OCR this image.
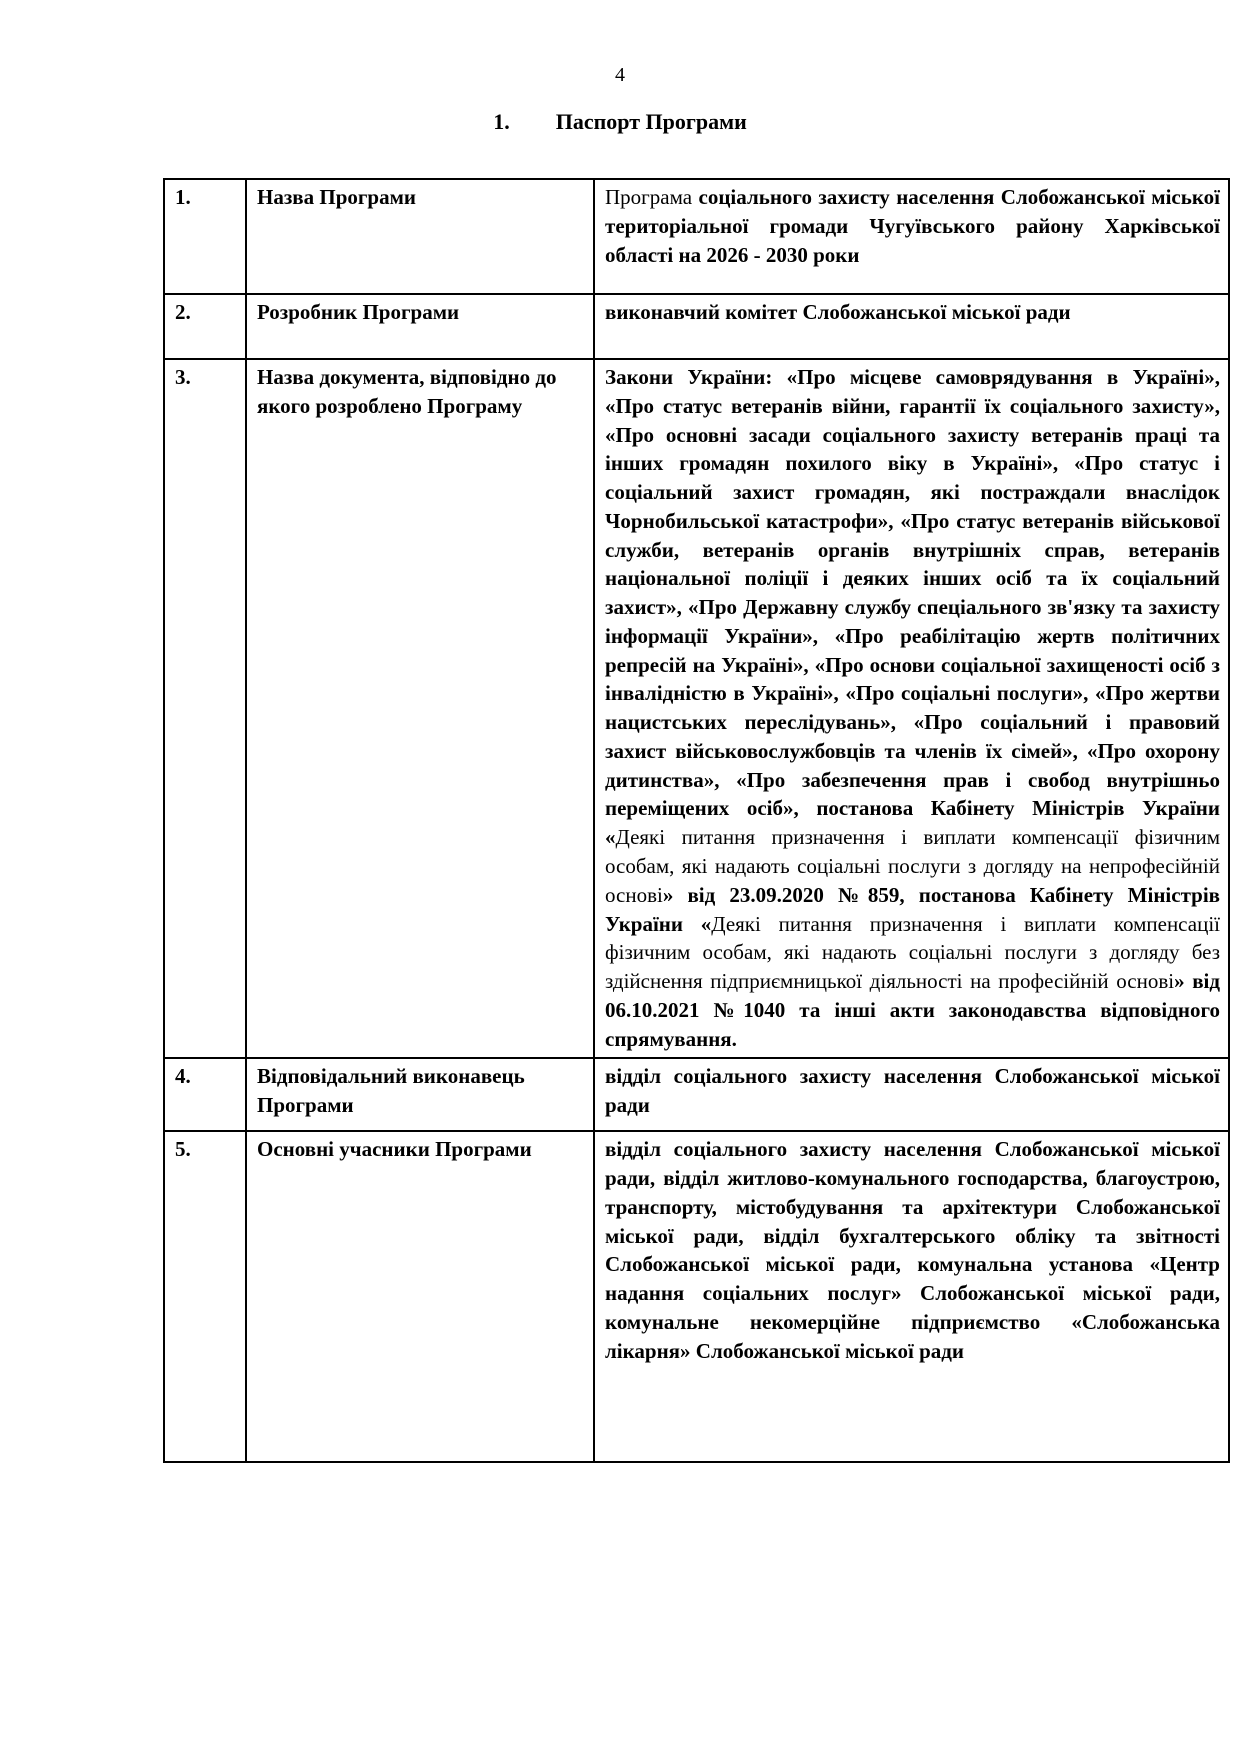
4
1. Паспорт Програми
1.	Назва Програми	Програма соціального захисту населення Слобожанської міської територіальної громади Чугуївського району Харківської області на 2026 - 2030 роки
2.	Розробник Програми	виконавчий комітет Слобожанської міської ради
3.	Назва документа, відповідно до якого розроблено Програму	Закони України: «Про місцеве самоврядування в Україні», «Про статус ветеранів війни, гарантії їх соціального захисту», «Про основні засади соціального захисту ветеранів праці та інших громадян похилого віку в Україні», «Про статус і соціальний захист громадян, які постраждали внаслідок Чорнобильської катастрофи», «Про статус ветеранів військової служби, ветеранів органів внутрішніх справ, ветеранів національної поліції і деяких інших осіб та їх соціальний захист», «Про Державну службу спеціального зв'язку та захисту інформації України», «Про реабілітацію жертв політичних репресій на Україні», «Про основи соціальної захищеності осіб з інвалідністю в Україні», «Про соціальні послуги», «Про жертви нацистських переслідувань», «Про соціальний і правовий захист військовослужбовців та членів їх сімей», «Про охорону дитинства», «Про забезпечення прав і свобод внутрішньо переміщених осіб», постанова Кабінету Міністрів України «Деякі питання призначення і виплати компенсації фізичним особам, які надають соціальні послуги з догляду на непрофесійній основі» від 23.09.2020 №859, постанова Кабінету Міністрів України «Деякі питання призначення і виплати компенсації фізичним особам, які надають соціальні послуги з догляду без здійснення підприємницької діяльності на професійній основі» від 06.10.2021 №1040 та інші акти законодавства відповідного спрямування.
4.	Відповідальний виконавець Програми	відділ соціального захисту населення Слобожанської міської ради
5.	Основні учасники Програми	відділ соціального захисту населення Слобожанської міської ради, відділ житлово-комунального господарства, благоустрою, транспорту, містобудування та архітектури Слобожанської міської ради, відділ бухгалтерського обліку та звітності Слобожанської міської ради, комунальна установа «Центр надання соціальних послуг» Слобожанської міської ради, комунальне некомерційне підприємство «Слобожанська лікарня» Слобожанської міської ради
